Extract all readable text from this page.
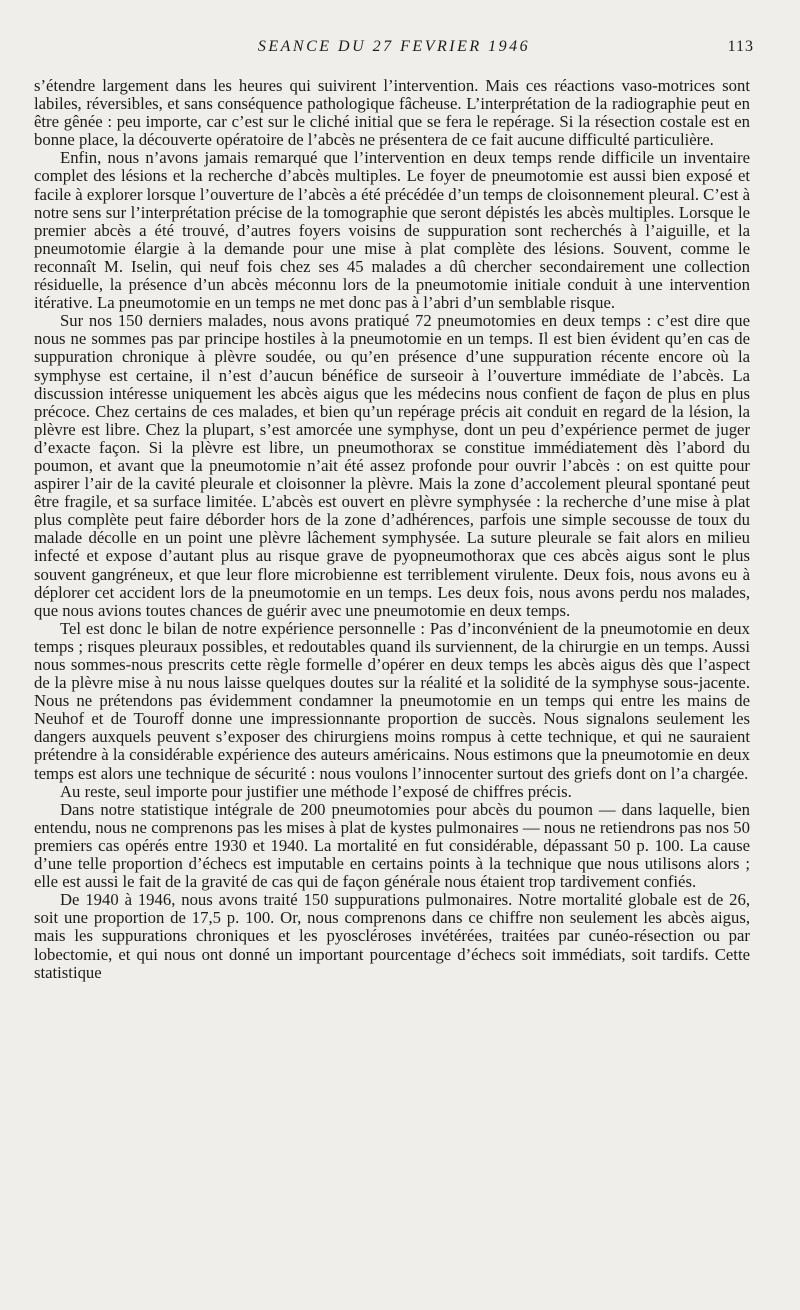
SEANCE DU 27 FEVRIER 1946	113

s’étendre largement dans les heures qui suivirent l’intervention. Mais ces réactions vaso-motrices sont labiles, réversibles, et sans conséquence pathologique fâcheuse. L’interprétation de la radiographie peut en être gênée : peu importe, car c’est sur le cliché initial que se fera le repérage. Si la résection costale est en bonne place, la découverte opératoire de l’abcès ne présentera de ce fait aucune difficulté particulière.

Enfin, nous n’avons jamais remarqué que l’intervention en deux temps rende difficile un inventaire complet des lésions et la recherche d’abcès multiples. Le foyer de pneumotomie est aussi bien exposé et facile à explorer lorsque l’ouverture de l’abcès a été précédée d’un temps de cloisonnement pleural. C’est à notre sens sur l’interprétation précise de la tomographie que seront dépistés les abcès multiples. Lorsque le premier abcès a été trouvé, d’autres foyers voisins de suppuration sont recherchés à l’aiguille, et la pneumotomie élargie à la demande pour une mise à plat complète des lésions. Souvent, comme le reconnaît M. Iselin, qui neuf fois chez ses 45 malades a dû chercher secondairement une collection résiduelle, la présence d’un abcès méconnu lors de la pneumotomie initiale conduit à une intervention itérative. La pneumotomie en un temps ne met donc pas à l’abri d’un semblable risque.

Sur nos 150 derniers malades, nous avons pratiqué 72 pneumotomies en deux temps : c’est dire que nous ne sommes pas par principe hostiles à la pneumotomie en un temps. Il est bien évident qu’en cas de suppuration chronique à plèvre soudée, ou qu’en présence d’une suppuration récente encore où la symphyse est certaine, il n’est d’aucun bénéfice de surseoir à l’ouverture immédiate de l’abcès. La discussion intéresse uniquement les abcès aigus que les médecins nous confient de façon de plus en plus précoce. Chez certains de ces malades, et bien qu’un repérage précis ait conduit en regard de la lésion, la plèvre est libre. Chez la plupart, s’est amorcée une symphyse, dont un peu d’expérience permet de juger d’exacte façon. Si la plèvre est libre, un pneumothorax se constitue immédiatement dès l’abord du poumon, et avant que la pneumotomie n’ait été assez profonde pour ouvrir l’abcès : on est quitte pour aspirer l’air de la cavité pleurale et cloisonner la plèvre. Mais la zone d’accolement pleural spontané peut être fragile, et sa surface limitée. L’abcès est ouvert en plèvre symphysée : la recherche d’une mise à plat plus complète peut faire déborder hors de la zone d’adhérences, parfois une simple secousse de toux du malade décolle en un point une plèvre lâchement symphysée. La suture pleurale se fait alors en milieu infecté et expose d’autant plus au risque grave de pyopneumothorax que ces abcès aigus sont le plus souvent gangréneux, et que leur flore microbienne est terriblement virulente. Deux fois, nous avons eu à déplorer cet accident lors de la pneumotomie en un temps. Les deux fois, nous avons perdu nos malades, que nous avions toutes chances de guérir avec une pneumotomie en deux temps.

Tel est donc le bilan de notre expérience personnelle : Pas d’inconvénient de la pneumotomie en deux temps ; risques pleuraux possibles, et redoutables quand ils surviennent, de la chirurgie en un temps. Aussi nous sommes-nous prescrits cette règle formelle d’opérer en deux temps les abcès aigus dès que l’aspect de la plèvre mise à nu nous laisse quelques doutes sur la réalité et la solidité de la symphyse sous-jacente. Nous ne prétendons pas évidemment condamner la pneumotomie en un temps qui entre les mains de Neuhof et de Touroff donne une impressionnante proportion de succès. Nous signalons seulement les dangers auxquels peuvent s’exposer des chirurgiens moins rompus à cette technique, et qui ne sauraient prétendre à la considérable expérience des auteurs américains. Nous estimons que la pneumotomie en deux temps est alors une technique de sécurité : nous voulons l’innocenter surtout des griefs dont on l’a chargée.

Au reste, seul importe pour justifier une méthode l’exposé de chiffres précis.

Dans notre statistique intégrale de 200 pneumotomies pour abcès du poumon — dans laquelle, bien entendu, nous ne comprenons pas les mises à plat de kystes pulmonaires — nous ne retiendrons pas nos 50 premiers cas opérés entre 1930 et 1940. La mortalité en fut considérable, dépassant 50 p. 100. La cause d’une telle proportion d’échecs est imputable en certains points à la technique que nous utilisons alors ; elle est aussi le fait de la gravité de cas qui de façon générale nous étaient trop tardivement confiés.

De 1940 à 1946, nous avons traité 150 suppurations pulmonaires. Notre mortalité globale est de 26, soit une proportion de 17,5 p. 100. Or, nous comprenons dans ce chiffre non seulement les abcès aigus, mais les suppurations chroniques et les pyoscléroses invétérées, traitées par cunéo-résection ou par lobectomie, et qui nous ont donné un important pourcentage d’échecs soit immédiats, soit tardifs. Cette statistique
